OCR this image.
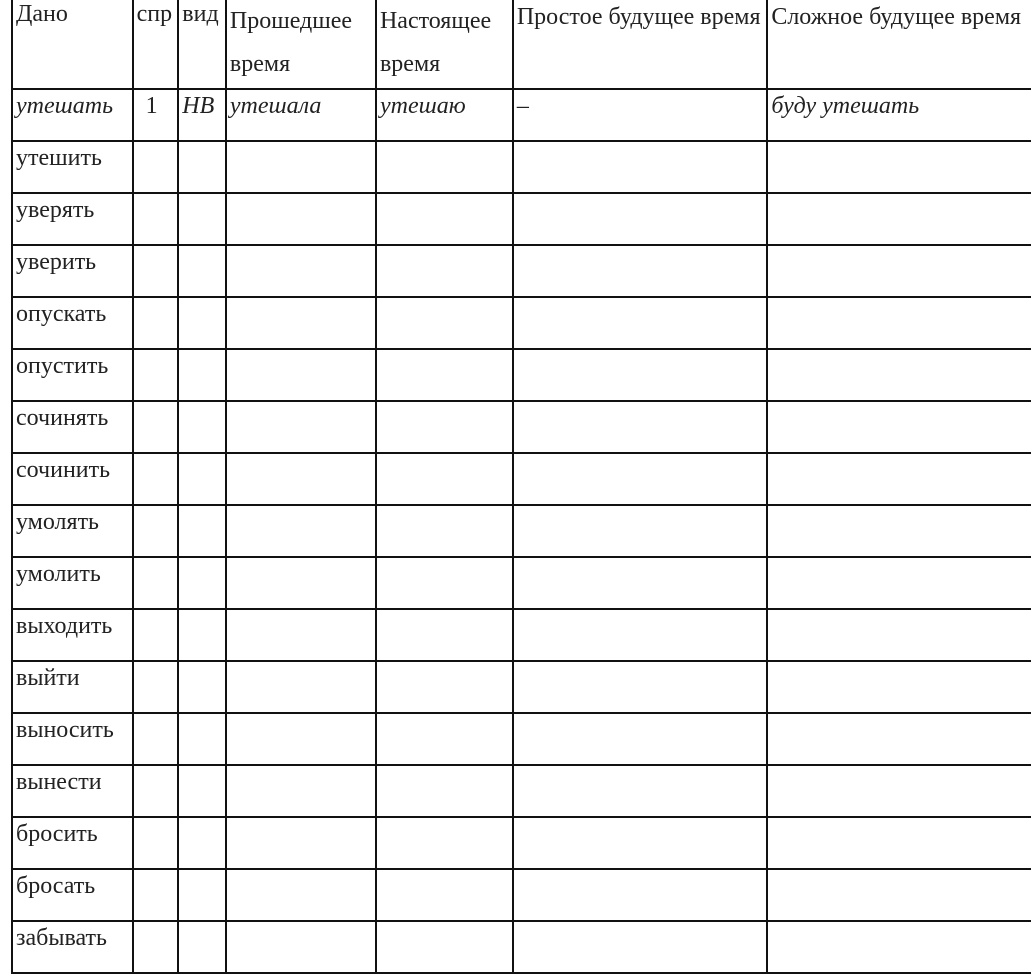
Дано	спр	вид	Прошедшее время	Настоящее время	Простое будущее время	Сложное будущее время
утешать	1	НВ	утешала	утешаю	–	буду утешать
утешить						
уверять						
уверить						
опускать						
опустить						
сочинять						
сочинить						
умолять						
умолить						
выходить						
выйти						
выносить						
вынести						
бросить						
бросать						
забывать						
